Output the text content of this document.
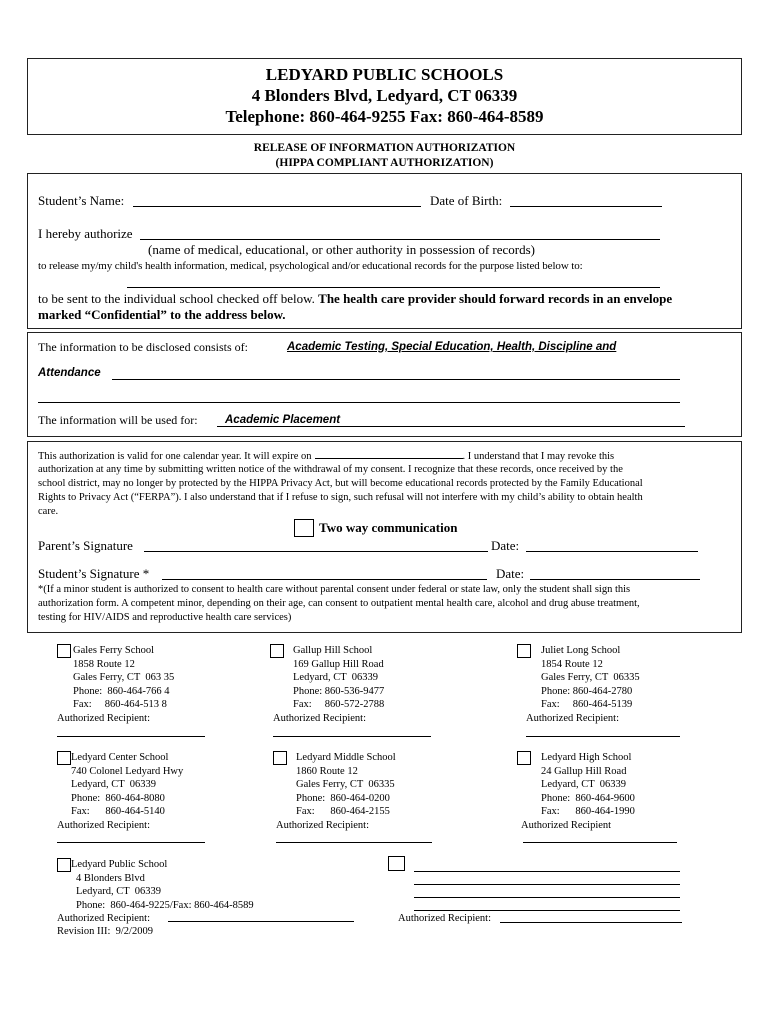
LEDYARD PUBLIC SCHOOLS
4 Blonders Blvd, Ledyard, CT 06339
Telephone: 860-464-9255 Fax: 860-464-8589
RELEASE OF INFORMATION AUTHORIZATION
(HIPPA COMPLIANT AUTHORIZATION)
Student’s Name:	Date of Birth:
I hereby authorize
(name of medical, educational, or other authority in possession of records)
to release my/my child's health information, medical, psychological and/or educational records for the purpose listed below to:
to be sent to the individual school checked off below. The health care provider should forward records in an envelope
marked “Confidential” to the address below.
The information to be disclosed consists of:	Academic Testing, Special Education, Health, Discipline and
Attendance
The information will be used for: Academic Placement
This authorization is valid for one calendar year. It will expire on	. I understand that I may revoke this
authorization at any time by submitting written notice of the withdrawal of my consent. I recognize that these records, once received by the
school district, may no longer by protected by the HIPPA Privacy Act, but will become educational records protected by the Family Educational
Rights to Privacy Act (“FERPA”). I also understand that if I refuse to sign, such refusal will not interfere with my child’s ability to obtain health
care.
Two way communication
Parent’s Signature	Date:
Student’s Signature *	Date:
*(If a minor student is authorized to consent to health care without parental consent under federal or state law, only the student shall sign this
authorization form. A competent minor, depending on their age, can consent to outpatient mental health care, alcohol and drug abuse treatment,
testing for HIV/AIDS and reproductive health care services)
Gales Ferry School
1858 Route 12
Gales Ferry, CT  063 35
Phone:  860-464-766 4
Fax:     860-464-513 8
Authorized Recipient:
Gallup Hill School
169 Gallup Hill Road
Ledyard, CT  06339
Phone: 860-536-9477
Fax:     860-572-2788
Authorized Recipient:
Juliet Long School
1854 Route 12
Gales Ferry, CT  06335
Phone: 860-464-2780
Fax:     860-464-5139
Authorized Recipient:
Ledyard Center School
740 Colonel Ledyard Hwy
Ledyard, CT  06339
Phone:  860-464-8080
Fax:      860-464-5140
Authorized Recipient:
Ledyard Middle School
1860 Route 12
Gales Ferry, CT  06335
Phone:  860-464-0200
Fax:      860-464-2155
Authorized Recipient:
Ledyard High School
24 Gallup Hill Road
Ledyard, CT  06339
Phone:  860-464-9600
Fax:      860-464-1990
Authorized Recipient
Ledyard Public School
4 Blonders Blvd
Ledyard, CT  06339
Phone:  860-464-9225/Fax: 860-464-8589
Authorized Recipient:
Revision III:  9/2/2009
Authorized Recipient:
